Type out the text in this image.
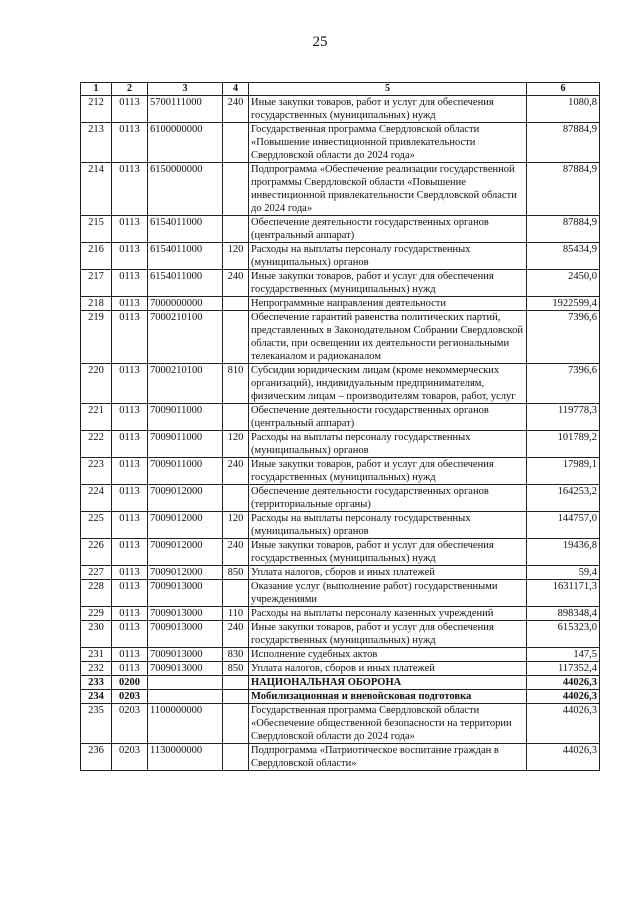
25
1	2	3	4	5	6
212	0113	5700111000	240	Иные закупки товаров, работ и услуг для обеспечения государственных (муниципальных) нужд	1080,8
213	0113	6100000000		Государственная программа Свердловской области «Повышение инвестиционной привлекательности Свердловской области до 2024 года»	87884,9
214	0113	6150000000		Подпрограмма «Обеспечение реализации государственной программы Свердловской области «Повышение инвестиционной привлекательности Свердловской области до 2024 года»	87884,9
215	0113	6154011000		Обеспечение деятельности государственных органов (центральный аппарат)	87884,9
216	0113	6154011000	120	Расходы на выплаты персоналу государственных (муниципальных) органов	85434,9
217	0113	6154011000	240	Иные закупки товаров, работ и услуг для обеспечения государственных (муниципальных) нужд	2450,0
218	0113	7000000000		Непрограммные направления деятельности	1922599,4
219	0113	7000210100		Обеспечение гарантий равенства политических партий, представленных в Законодательном Собрании Свердловской области, при освещении их деятельности региональными телеканалом и радиоканалом	7396,6
220	0113	7000210100	810	Субсидии юридическим лицам (кроме некоммерческих организаций), индивидуальным предпринимателям, физическим лицам – производителям товаров, работ, услуг	7396,6
221	0113	7009011000		Обеспечение деятельности государственных органов (центральный аппарат)	119778,3
222	0113	7009011000	120	Расходы на выплаты персоналу государственных (муниципальных) органов	101789,2
223	0113	7009011000	240	Иные закупки товаров, работ и услуг для обеспечения государственных (муниципальных) нужд	17989,1
224	0113	7009012000		Обеспечение деятельности государственных органов (территориальные органы)	164253,2
225	0113	7009012000	120	Расходы на выплаты персоналу государственных (муниципальных) органов	144757,0
226	0113	7009012000	240	Иные закупки товаров, работ и услуг для обеспечения государственных (муниципальных) нужд	19436,8
227	0113	7009012000	850	Уплата налогов, сборов и иных платежей	59,4
228	0113	7009013000		Оказание услуг (выполнение работ) государственными учреждениями	1631171,3
229	0113	7009013000	110	Расходы на выплаты персоналу казенных учреждений	898348,4
230	0113	7009013000	240	Иные закупки товаров, работ и услуг для обеспечения государственных (муниципальных) нужд	615323,0
231	0113	7009013000	830	Исполнение судебных актов	147,5
232	0113	7009013000	850	Уплата налогов, сборов и иных платежей	117352,4
233	0200			НАЦИОНАЛЬНАЯ ОБОРОНА	44026,3
234	0203			Мобилизационная и вневойсковая подготовка	44026,3
235	0203	1100000000		Государственная программа Свердловской области «Обеспечение общественной безопасности на территории Свердловской области до 2024 года»	44026,3
236	0203	1130000000		Подпрограмма «Патриотическое воспитание граждан в Свердловской области»	44026,3
